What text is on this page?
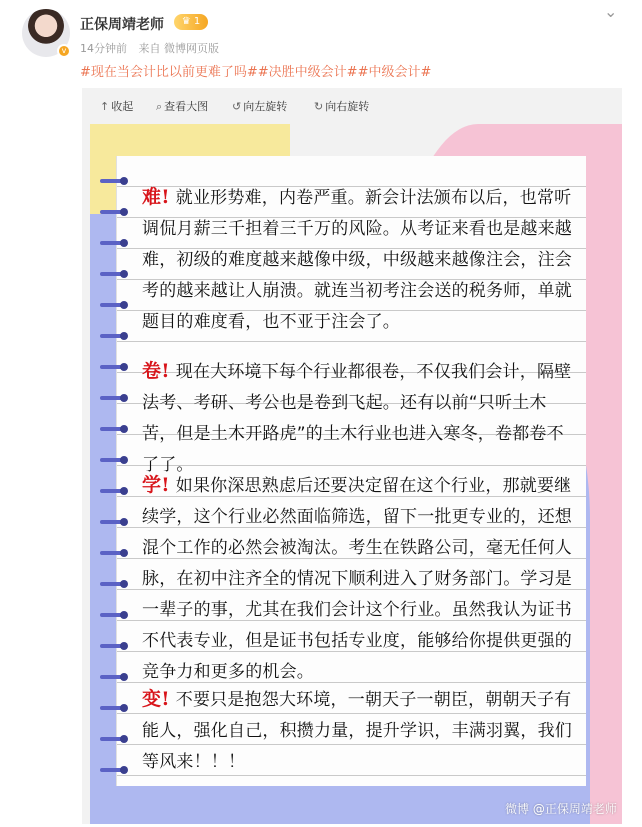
v
正保周靖老师	♛ 1
14分钟前 来自 微博网页版
⌄
#现在当会计比以前更难了吗##决胜中级会计##中级会计#
↑ 收起 ⌕ 查看大图 ↺ 向左旋转 ↻ 向右旋转
难! 就业形势难，内卷严重。新会计法颁布以后，也常听调侃月薪三千担着三千万的风险。从考证来看也是越来越难，初级的难度越来越像中级，中级越来越像注会，注会考的越来越让人崩溃。就连当初考注会送的税务师，单就题目的难度看，也不亚于注会了。
卷! 现在大环境下每个行业都很卷，不仅我们会计，隔壁法考、考研、考公也是卷到飞起。还有以前“只听土木苦，但是土木开路虎”的土木行业也进入寒冬，卷都卷不了了。
学! 如果你深思熟虑后还要决定留在这个行业，那就要继续学，这个行业必然面临筛选，留下一批更专业的，还想混个工作的必然会被淘汰。考生在铁路公司，毫无任何人脉，在初中注齐全的情况下顺利进入了财务部门。学习是一辈子的事，尤其在我们会计这个行业。虽然我认为证书不代表专业，但是证书包括专业度，能够给你提供更强的竞争力和更多的机会。
变! 不要只是抱怨大环境，一朝天子一朝臣，朝朝天子有能人，强化自己，积攒力量，提升学识，丰满羽翼，我们等风来！！！
微博 @正保周靖老师
